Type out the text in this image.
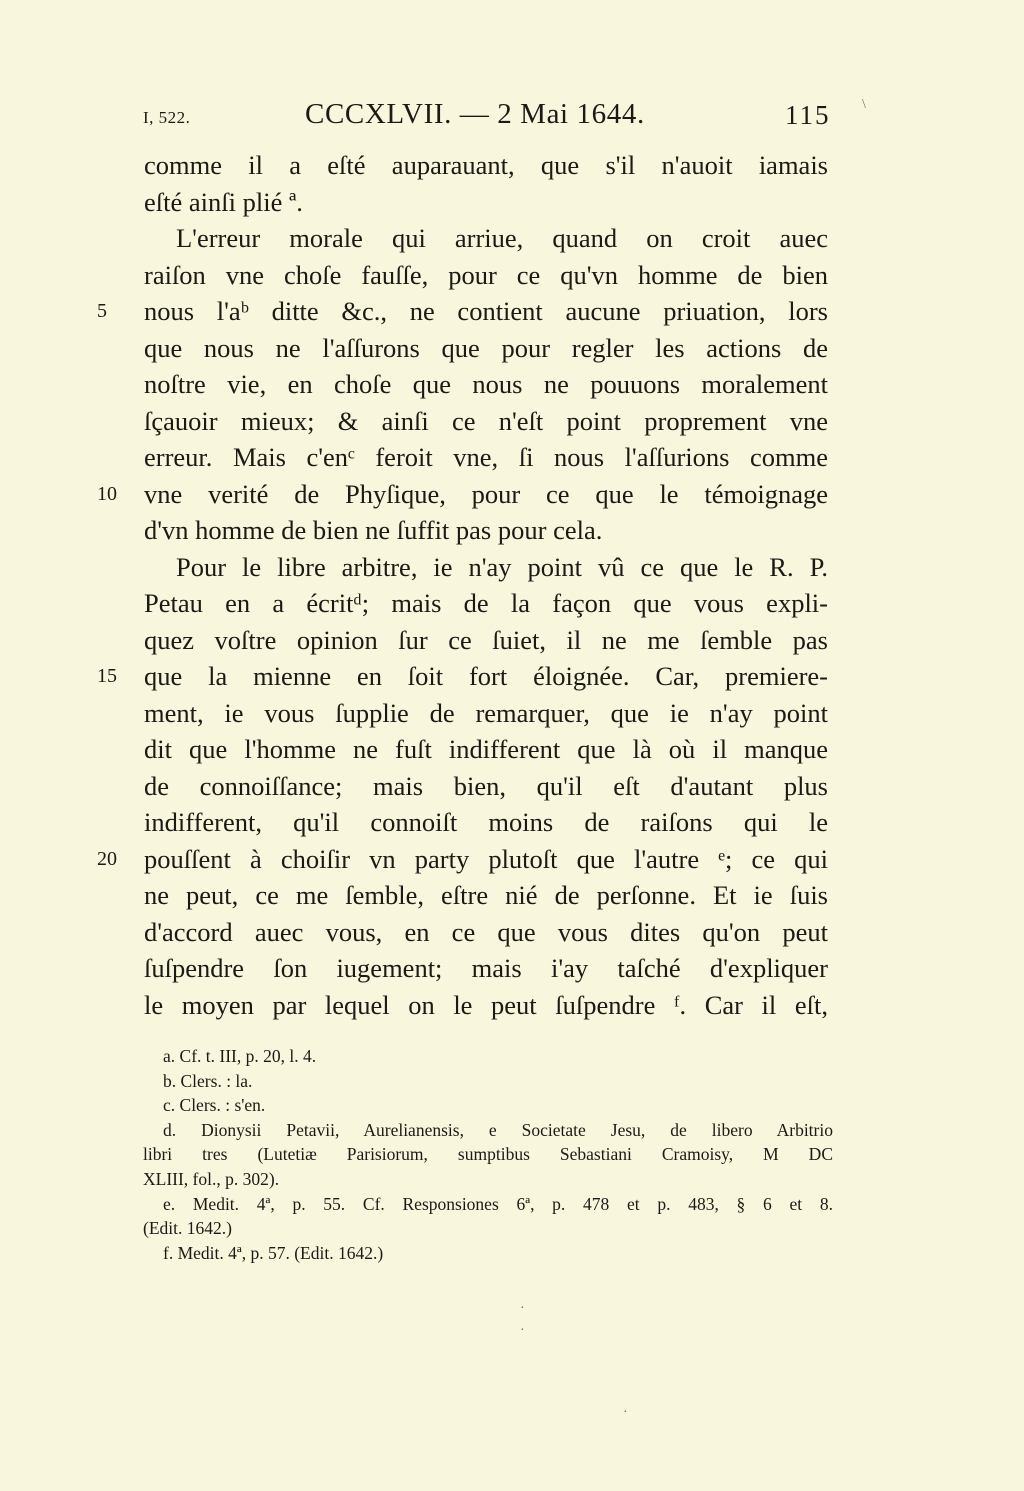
I, 522.	CCCXLVII. — 2 Mai 1644.	115 \
comme il a eſté auparauant, que s'il n'auoit iamais
eſté ainſi plié ª.
L'erreur morale qui arriue, quand on croit auec
raiſon vne choſe fauſſe, pour ce qu'vn homme de bien
5	nous l'aᵇ ditte &c., ne contient aucune priuation, lors
que nous ne l'aſſurons que pour regler les actions de
noſtre vie, en choſe que nous ne pouuons moralement
ſçauoir mieux; & ainſi ce n'eſt point proprement vne
erreur. Mais c'enᶜ feroit vne, ſi nous l'aſſurions comme
10	vne verité de Phyſique, pour ce que le témoignage
d'vn homme de bien ne ſuffit pas pour cela.
Pour le libre arbitre, ie n'ay point vû ce que le R. P.
Petau en a écritᵈ; mais de la façon que vous expli-
quez voſtre opinion ſur ce ſuiet, il ne me ſemble pas
15	que la mienne en ſoit fort éloignée. Car, premiere-
ment, ie vous ſupplie de remarquer, que ie n'ay point
dit que l'homme ne fuſt indifferent que là où il manque
de connoiſſance; mais bien, qu'il eſt d'autant plus
indifferent, qu'il connoiſt moins de raiſons qui le
20	pouſſent à choiſir vn party plutoſt que l'autre ᵉ; ce qui
ne peut, ce me ſemble, eſtre nié de perſonne. Et ie ſuis
d'accord auec vous, en ce que vous dites qu'on peut
ſuſpendre ſon iugement; mais i'ay taſché d'expliquer
le moyen par lequel on le peut ſuſpendre ᶠ. Car il eſt,
a. Cf. t. III, p. 20, l. 4.
b. Clers. : la.
c. Clers. : s'en.
d. Dionysii Petavii, Aurelianensis, e Societate Jesu, de libero Arbitrio
libri tres (Lutetiæ Parisiorum, sumptibus Sebastiani Cramoisy, M DC
XLIII, fol., p. 302).
e. Medit. 4ª, p. 55. Cf. Responsiones 6ª, p. 478 et p. 483, § 6 et 8.
(Edit. 1642.)
f. Medit. 4ª, p. 57. (Edit. 1642.)
·
·
·
